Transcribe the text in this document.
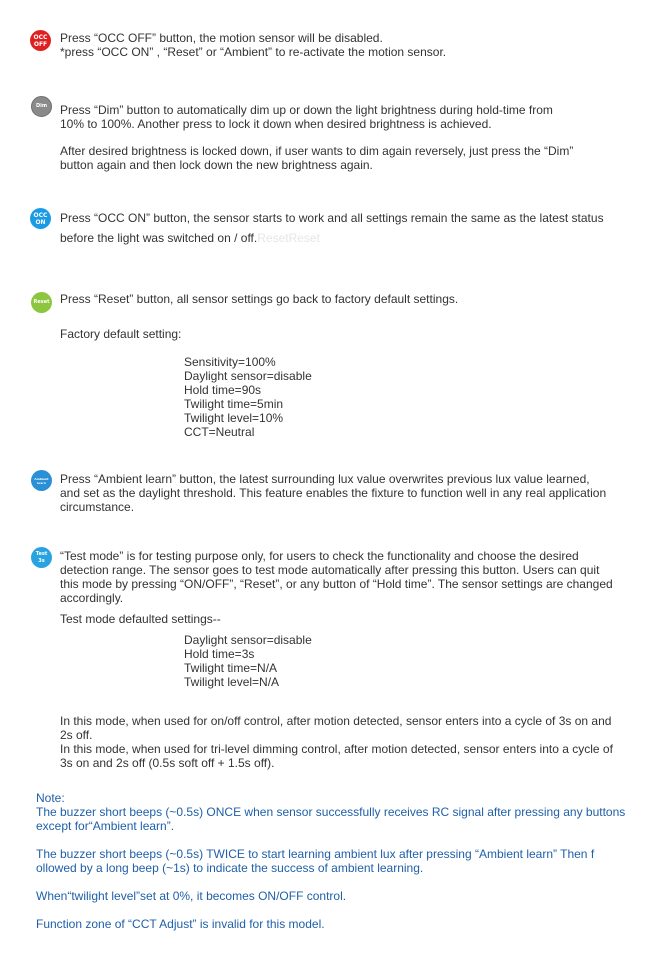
OCC
OFF Press “OCC OFF” button, the motion sensor will be disabled.
*press “OCC ON” , “Reset” or “Ambient” to re-activate the motion sensor.
Dim Press “Dim” button to automatically dim up or down the light brightness during hold-time from
10% to 100%. Another press to lock it down when desired brightness is achieved.
After desired brightness is locked down, if user wants to dim again reversely, just press the “Dim”
button again and then lock down the new brightness again.
OCC
ON Press “OCC ON” button, the sensor starts to work and all settings remain the same as the latest status
before the light was switched on / off.ResetReset
Reset Press “Reset” button, all sensor settings go back to factory default settings.
Factory default setting:
Sensitivity=100%
Daylight sensor=disable
Hold time=90s
Twilight time=5min
Twilight level=10%
CCT=Neutral
Ambient
learn Press “Ambient learn” button, the latest surrounding lux value overwrites previous lux value learned,
and set as the daylight threshold. This feature enables the fixture to function well in any real application
circumstance.
Test
3s “Test mode” is for testing purpose only, for users to check the functionality and choose the desired
detection range. The sensor goes to test mode automatically after pressing this button. Users can quit
this mode by pressing “ON/OFF”, “Reset”, or any button of “Hold time”. The sensor settings are changed
accordingly.
Test mode defaulted settings--
Daylight sensor=disable
Hold time=3s
Twilight time=N/A
Twilight level=N/A
In this mode, when used for on/off control, after motion detected, sensor enters into a cycle of 3s on and
2s off.
In this mode, when used for tri-level dimming control, after motion detected, sensor enters into a cycle of
3s on and 2s off (0.5s soft off + 1.5s off).
Note:
The buzzer short beeps (~0.5s) ONCE when sensor successfully receives RC signal after pressing any buttons
except for“Ambient learn”.
The buzzer short beeps (~0.5s) TWICE to start learning ambient lux after pressing “Ambient learn” Then f
ollowed by a long beep (~1s) to indicate the success of ambient learning.
When“twilight level”set at 0%, it becomes ON/OFF control.
Function zone of “CCT Adjust” is invalid for this model.
